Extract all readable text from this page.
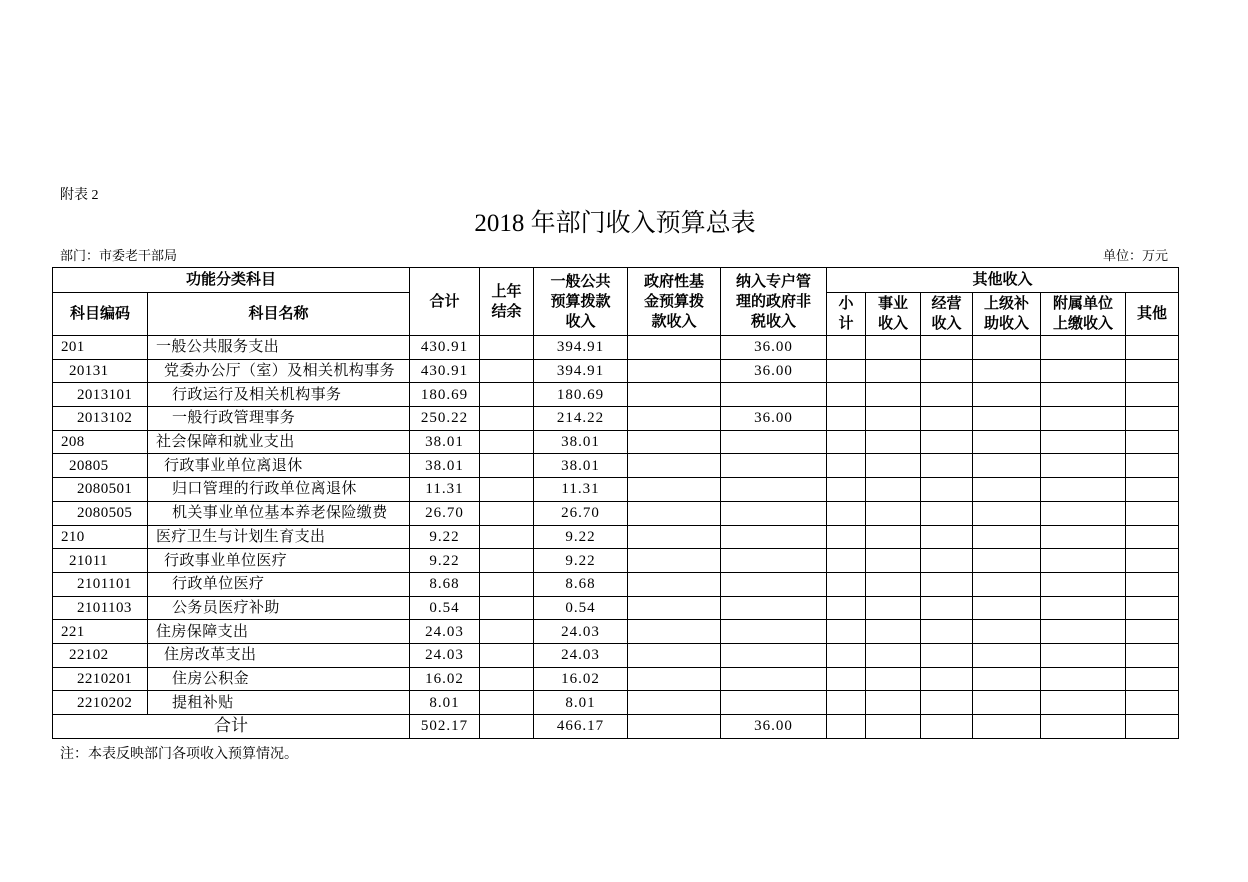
附表 2
2018 年部门收入预算总表
部门：市委老干部局	单位：万元
功能分类科目		合计	上年结余	一般公共预算拨款收入	政府性基金预算拨款收入	纳入专户管理的政府非税收入	其他收入					
科目编码	科目名称						小计	事业收入	经营收入	上级补助收入	附属单位上缴收入	其他
201	一般公共服务支出	430.91		394.91		36.00						
20131	党委办公厅（室）及相关机构事务	430.91		394.91		36.00						
2013101	行政运行及相关机构事务	180.69		180.69								
2013102	一般行政管理事务	250.22		214.22		36.00						
208	社会保障和就业支出	38.01		38.01								
20805	行政事业单位离退休	38.01		38.01								
2080501	归口管理的行政单位离退休	11.31		11.31								
2080505	机关事业单位基本养老保险缴费	26.70		26.70								
210	医疗卫生与计划生育支出	9.22		9.22								
21011	行政事业单位医疗	9.22		9.22								
2101101	行政单位医疗	8.68		8.68								
2101103	公务员医疗补助	0.54		0.54								
221	住房保障支出	24.03		24.03								
22102	住房改革支出	24.03		24.03								
2210201	住房公积金	16.02		16.02								
2210202	提租补贴	8.01		8.01								
合计		502.17		466.17		36.00						
注：本表反映部门各项收入预算情况。
